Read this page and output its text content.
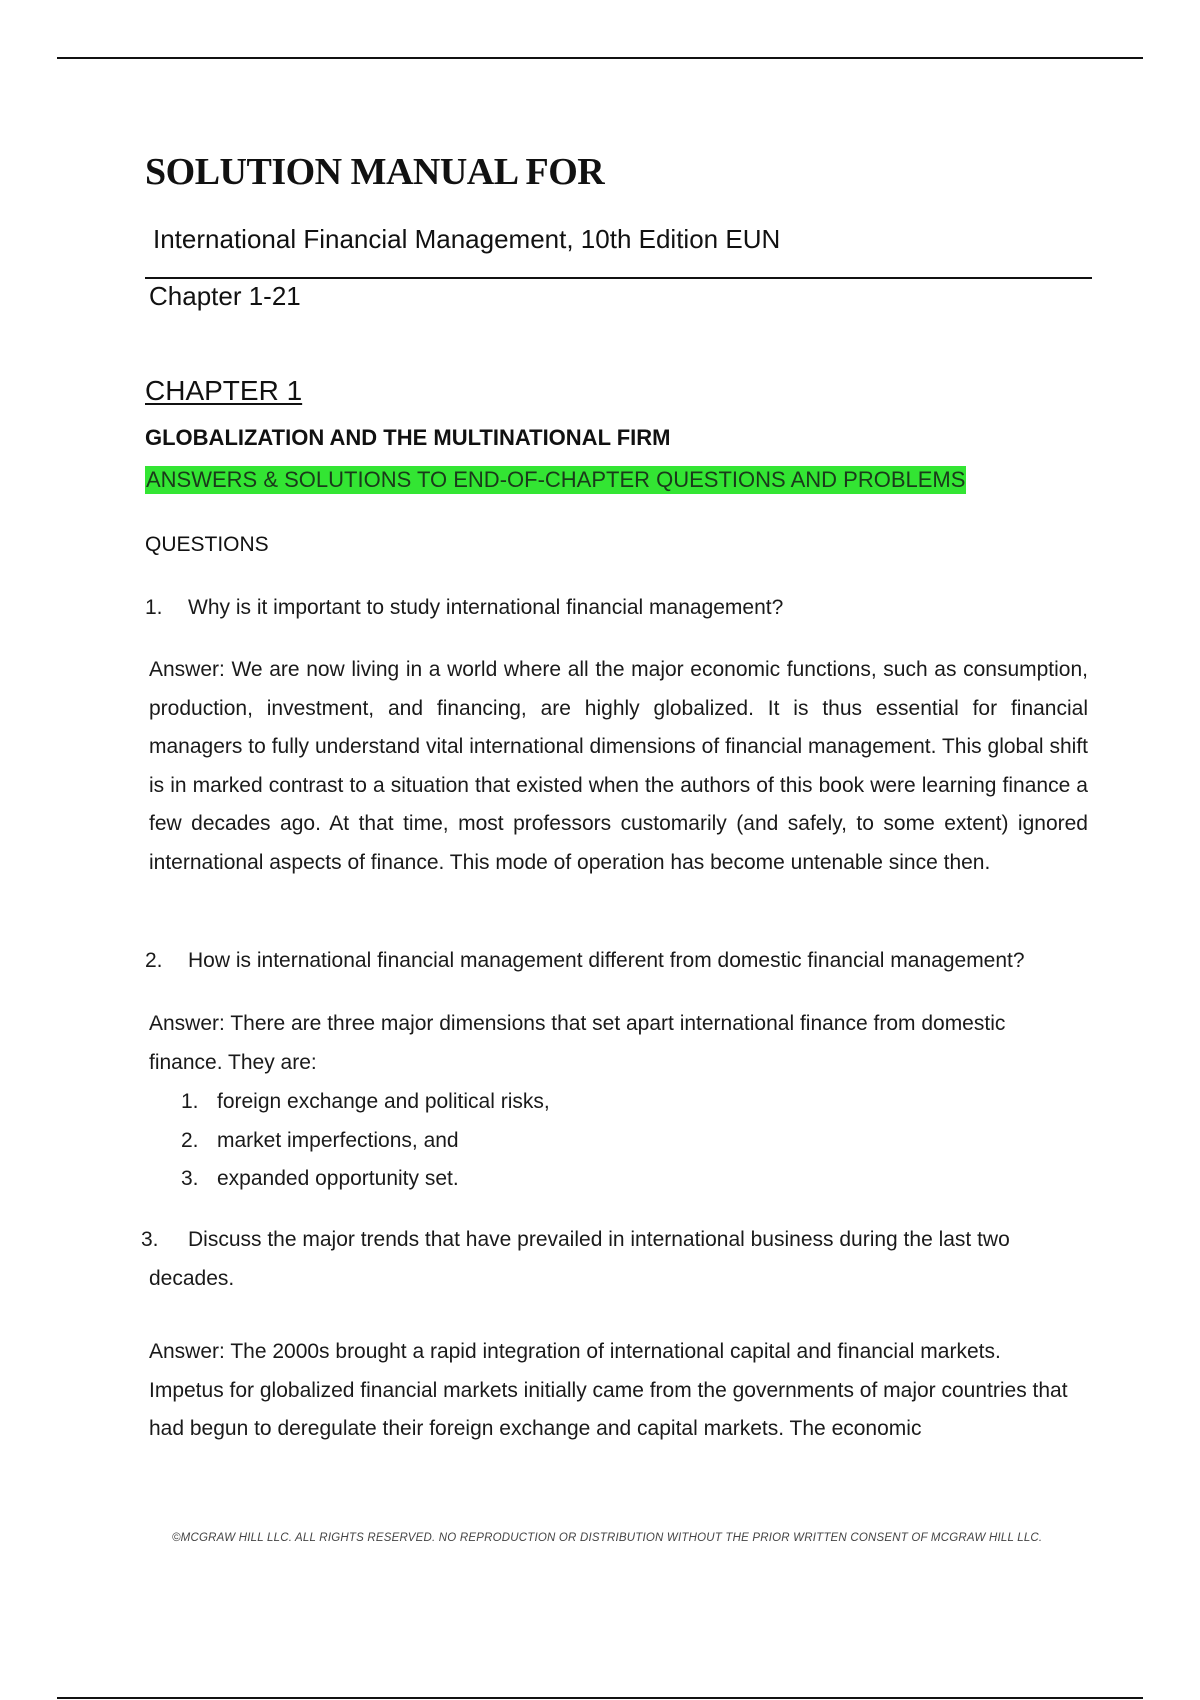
SOLUTION MANUAL FOR
International Financial Management, 10th Edition EUN
Chapter 1-21
CHAPTER 1
GLOBALIZATION AND THE MULTINATIONAL FIRM
ANSWERS & SOLUTIONS TO END-OF-CHAPTER QUESTIONS AND PROBLEMS
QUESTIONS
1. Why is it important to study international financial management?
Answer: We are now living in a world where all the major economic functions, such as consumption, production, investment, and financing, are highly globalized. It is thus essential for financial managers to fully understand vital international dimensions of financial management. This global shift is in marked contrast to a situation that existed when the authors of this book were learning finance a few decades ago. At that time, most professors customarily (and safely, to some extent) ignored international aspects of finance. This mode of operation has become untenable since then.
2. How is international financial management different from domestic financial management?
Answer: There are three major dimensions that set apart international finance from domestic finance. They are:
1. foreign exchange and political risks,
2. market imperfections, and
3. expanded opportunity set.
3. Discuss the major trends that have prevailed in international business during the last two decades.
Answer: The 2000s brought a rapid integration of international capital and financial markets. Impetus for globalized financial markets initially came from the governments of major countries that had begun to deregulate their foreign exchange and capital markets. The economic
©MCGRAW HILL LLC. ALL RIGHTS RESERVED. NO REPRODUCTION OR DISTRIBUTION WITHOUT THE PRIOR WRITTEN CONSENT OF MCGRAW HILL LLC.
